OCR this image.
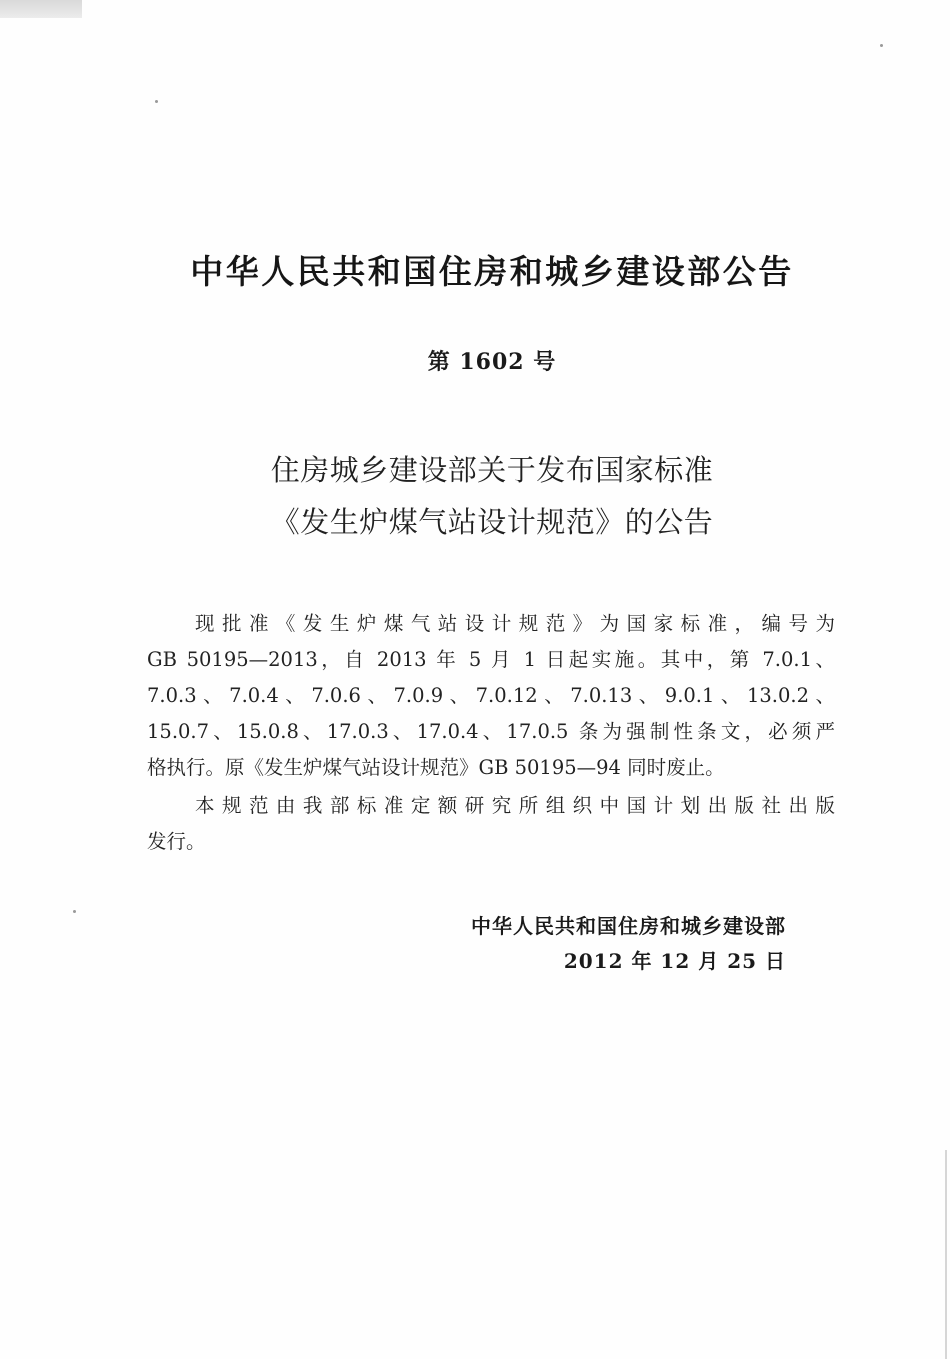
中华人民共和国住房和城乡建设部公告
第 1602 号
住房城乡建设部关于发布国家标准
《发生炉煤气站设计规范》的公告
现批准《发生炉煤气站设计规范》为国家标准，编号为
GB 50195—2013，自 2013 年 5 月 1 日起实施。其中，第 7.0.1、
7.0.3、7.0.4、7.0.6、7.0.9、7.0.12、7.0.13、9.0.1、13.0.2、
15.0.7、15.0.8、17.0.3、17.0.4、17.0.5 条为强制性条文，必须严
格执行。原《发生炉煤气站设计规范》GB 50195—94 同时废止。
本规范由我部标准定额研究所组织中国计划出版社出版
发行。
中华人民共和国住房和城乡建设部
2012 年 12 月 25 日
